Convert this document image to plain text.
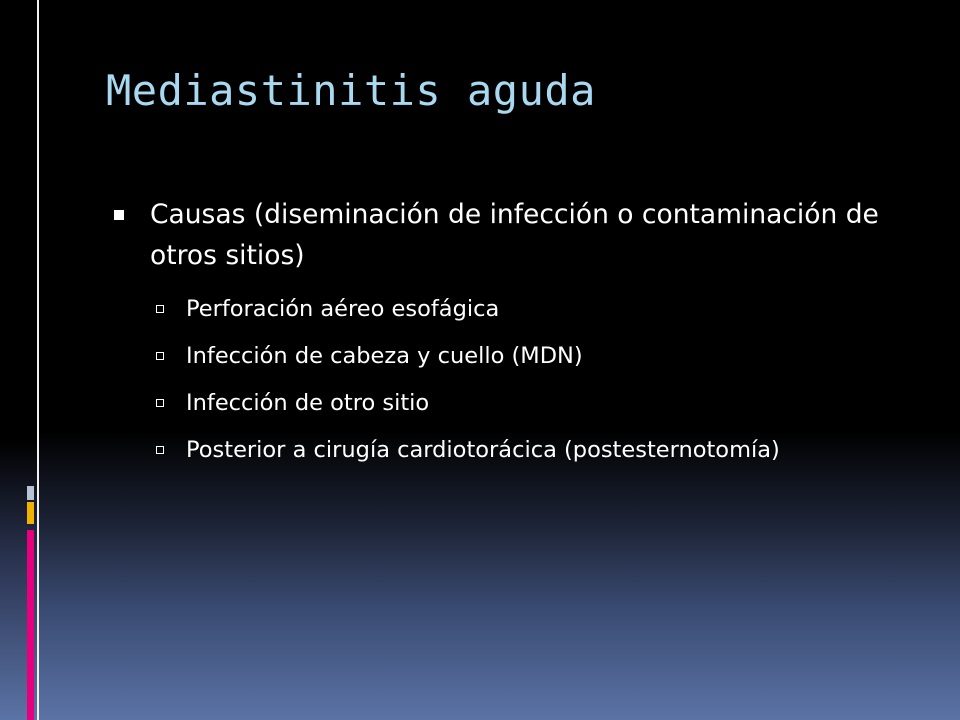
Mediastinitis aguda
Causas (diseminación de infección o contaminación de otros sitios)
Perforación aéreo esofágica
Infección de cabeza y cuello (MDN)
Infección de otro sitio
Posterior a cirugía cardiotorácica (postesternotomía)
